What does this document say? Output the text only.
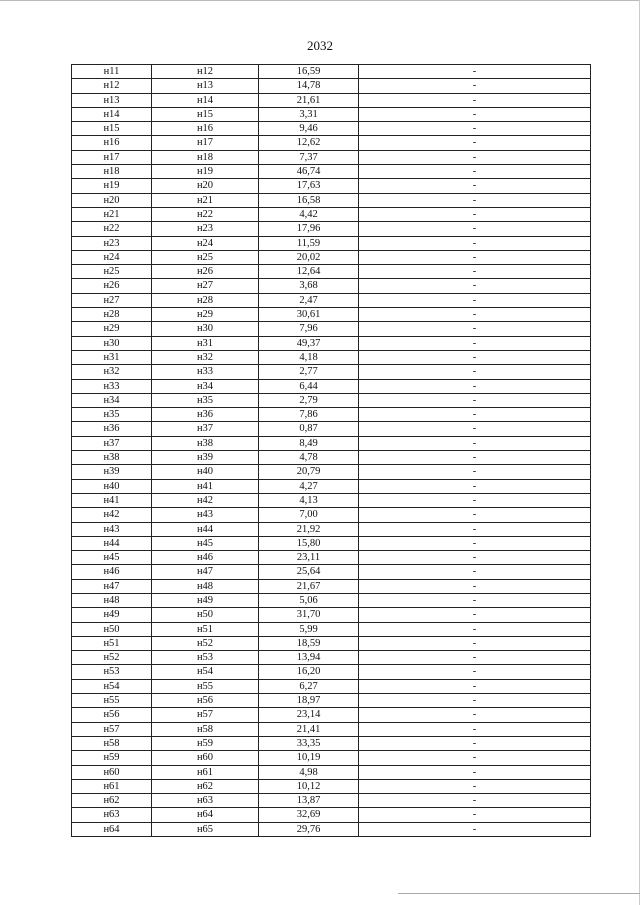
2032
н11	н12	16,59	-
н12	н13	14,78	-
н13	н14	21,61	-
н14	н15	3,31	-
н15	н16	9,46	-
н16	н17	12,62	-
н17	н18	7,37	-
н18	н19	46,74	-
н19	н20	17,63	-
н20	н21	16,58	-
н21	н22	4,42	-
н22	н23	17,96	-
н23	н24	11,59	-
н24	н25	20,02	-
н25	н26	12,64	-
н26	н27	3,68	-
н27	н28	2,47	-
н28	н29	30,61	-
н29	н30	7,96	-
н30	н31	49,37	-
н31	н32	4,18	-
н32	н33	2,77	-
н33	н34	6,44	-
н34	н35	2,79	-
н35	н36	7,86	-
н36	н37	0,87	-
н37	н38	8,49	-
н38	н39	4,78	-
н39	н40	20,79	-
н40	н41	4,27	-
н41	н42	4,13	-
н42	н43	7,00	-
н43	н44	21,92	-
н44	н45	15,80	-
н45	н46	23,11	-
н46	н47	25,64	-
н47	н48	21,67	-
н48	н49	5,06	-
н49	н50	31,70	-
н50	н51	5,99	-
н51	н52	18,59	-
н52	н53	13,94	-
н53	н54	16,20	-
н54	н55	6,27	-
н55	н56	18,97	-
н56	н57	23,14	-
н57	н58	21,41	-
н58	н59	33,35	-
н59	н60	10,19	-
н60	н61	4,98	-
н61	н62	10,12	-
н62	н63	13,87	-
н63	н64	32,69	-
н64	н65	29,76	-
